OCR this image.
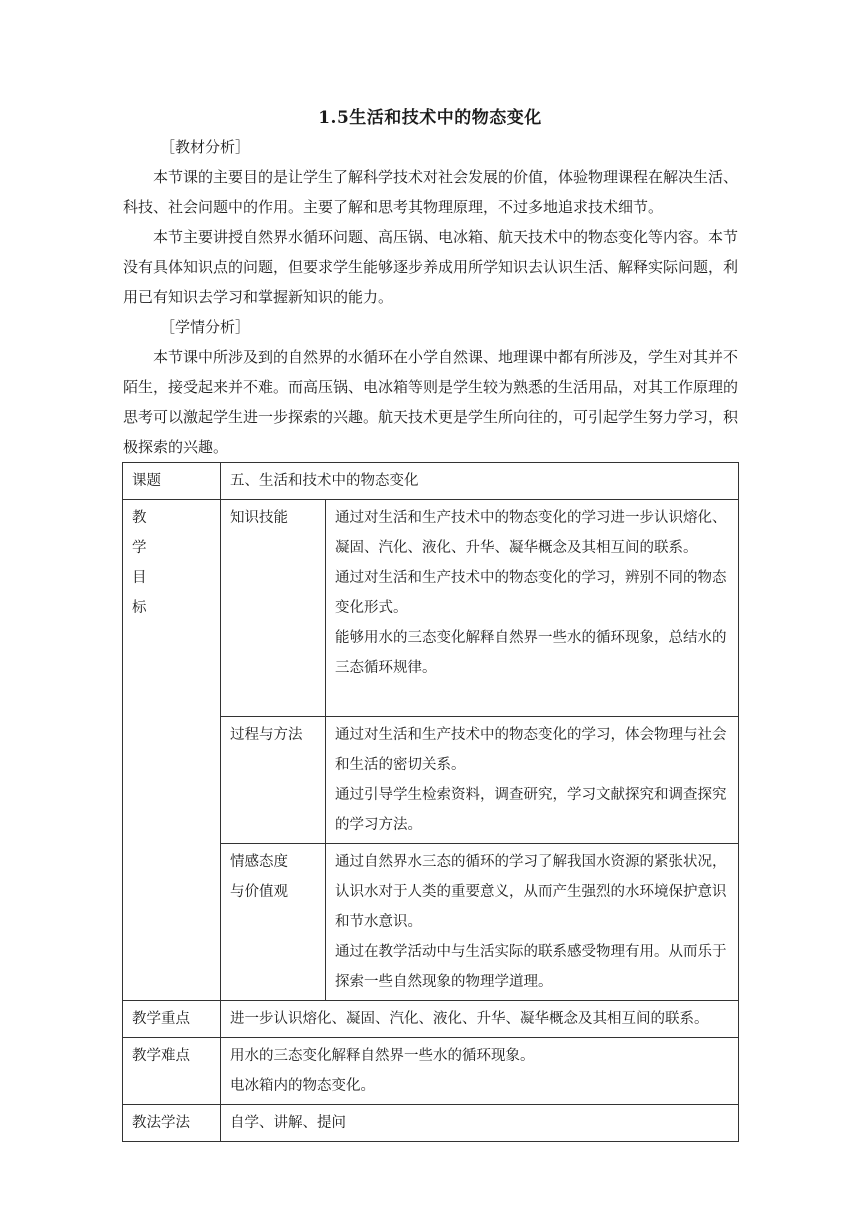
1.5生活和技术中的物态变化
［教材分析］
本节课的主要目的是让学生了解科学技术对社会发展的价值，体验物理课程在解决生活、科技、社会问题中的作用。主要了解和思考其物理原理，不过多地追求技术细节。
本节主要讲授自然界水循环问题、高压锅、电冰箱、航天技术中的物态变化等内容。本节没有具体知识点的问题，但要求学生能够逐步养成用所学知识去认识生活、解释实际问题，利用已有知识去学习和掌握新知识的能力。
［学情分析］
本节课中所涉及到的自然界的水循环在小学自然课、地理课中都有所涉及，学生对其并不陌生，接受起来并不难。而高压锅、电冰箱等则是学生较为熟悉的生活用品，对其工作原理的思考可以激起学生进一步探索的兴趣。航天技术更是学生所向往的，可引起学生努力学习，积极探索的兴趣。
课题	五、生活和技术中的物态变化	

教
学
目
标	知识技能	通过对生活和生产技术中的物态变化的学习进一步认识熔化、凝固、汽化、液化、升华、凝华概念及其相互间的联系。
通过对生活和生产技术中的物态变化的学习，辨别不同的物态变化形式。
能够用水的三态变化解释自然界一些水的循环现象，总结水的三态循环规律。

	过程与方法	通过对生活和生产技术中的物态变化的学习，体会物理与社会和生活的密切关系。
通过引导学生检索资料，调查研究，学习文献探究和调查探究的学习方法。

	情感态度
与价值观	通过自然界水三态的循环的学习了解我国水资源的紧张状况，认识水对于人类的重要意义，从而产生强烈的水环境保护意识和节水意识。
通过在教学活动中与生活实际的联系感受物理有用。从而乐于探索一些自然现象的物理学道理。

教学重点	进一步认识熔化、凝固、汽化、液化、升华、凝华概念及其相互间的联系。	
教学难点	用水的三态变化解释自然界一些水的循环现象。
电冰箱内的物态变化。	

教法学法	自学、讲解、提问	
